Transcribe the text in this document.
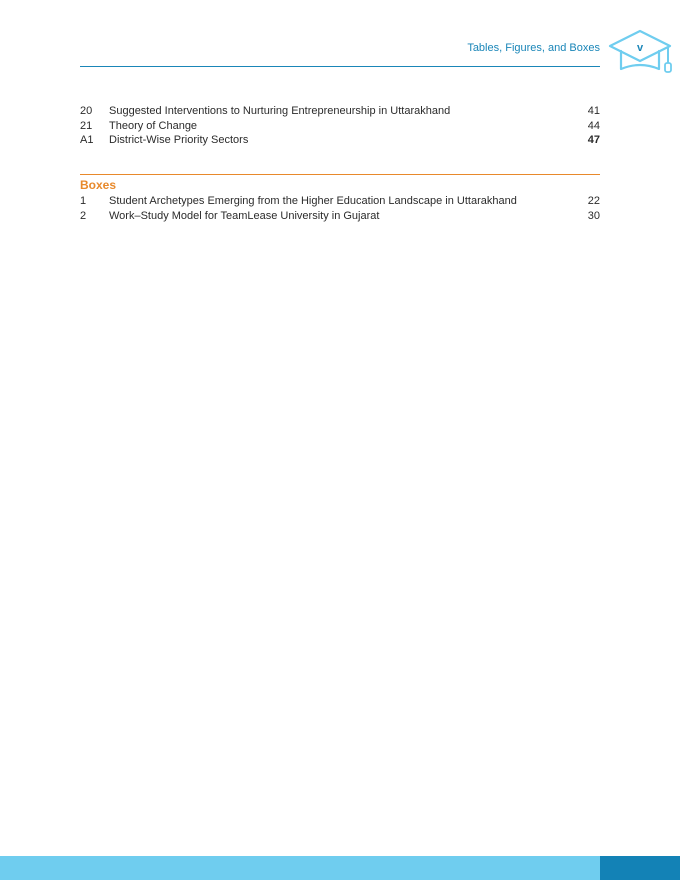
Tables, Figures, and Boxes	v
20 Suggested Interventions to Nurturing Entrepreneurship in Uttarakhand	41
21 Theory of Change	44
A1 District-Wise Priority Sectors	47
Boxes
1 Student Archetypes Emerging from the Higher Education Landscape in Uttarakhand	22
2 Work–Study Model for TeamLease University in Gujarat	30
